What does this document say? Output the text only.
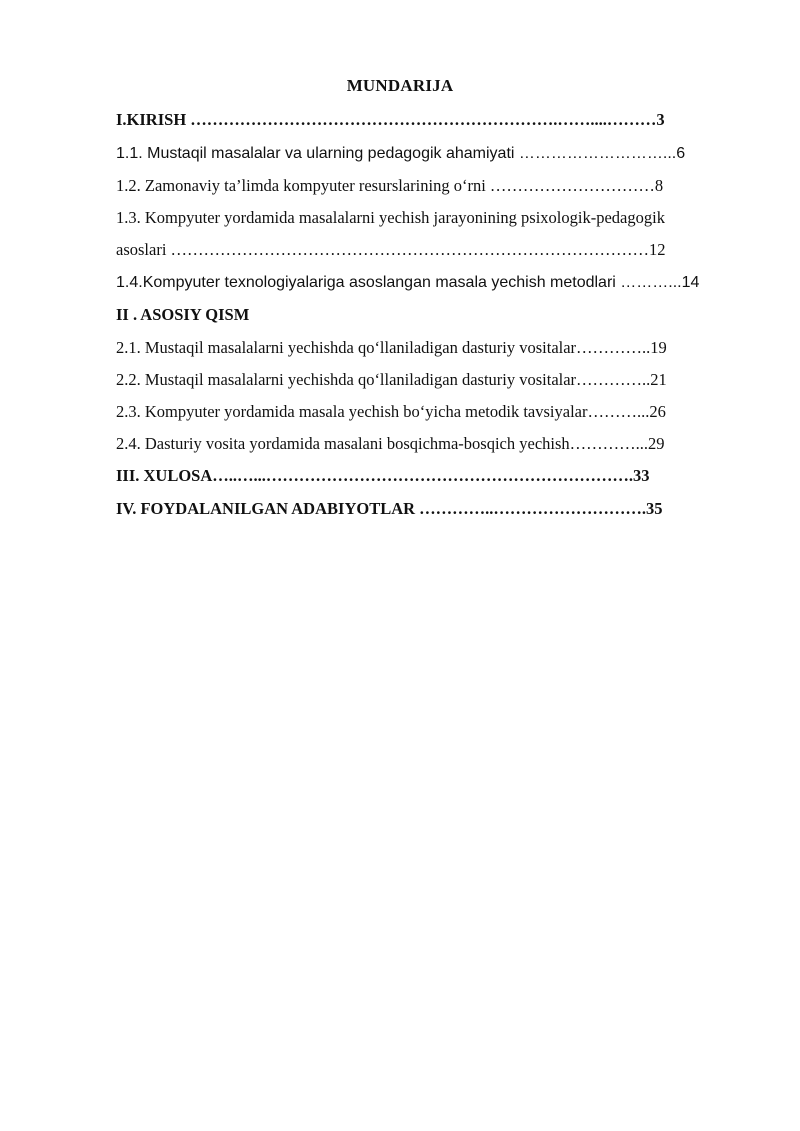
MUNDARIJA
I.KIRISH ………………………………………………………….……....………3
1.1. Mustaqil masalalar va ularning pedagogik ahamiyati ………………………...6
1.2. Zamonaviy ta’limda kompyuter resurslarining o‘rni …………………………8
1.3. Kompyuter yordamida masalalarni yechish jarayonining psixologik-pedagogik
asoslari ……………………………………………………………………………12
1.4.Kompyuter texnologiyalariga asoslangan masala yechish metodlari ………...14
II . ASOSIY QISM
2.1. Mustaqil masalalarni yechishda qo‘llaniladigan dasturiy vositalar…………..19
2.2. Mustaqil masalalarni yechishda qo‘llaniladigan dasturiy vositalar…………..21
2.3. Kompyuter yordamida masala yechish bo‘yicha metodik tavsiyalar………...26
2.4. Dasturiy vosita yordamida masalani bosqichma-bosqich yechish…………...29
III. XULOSA…..…...………………………………………………………….33
IV. FOYDALANILGAN ADABIYOTLAR …………..……………………….35
